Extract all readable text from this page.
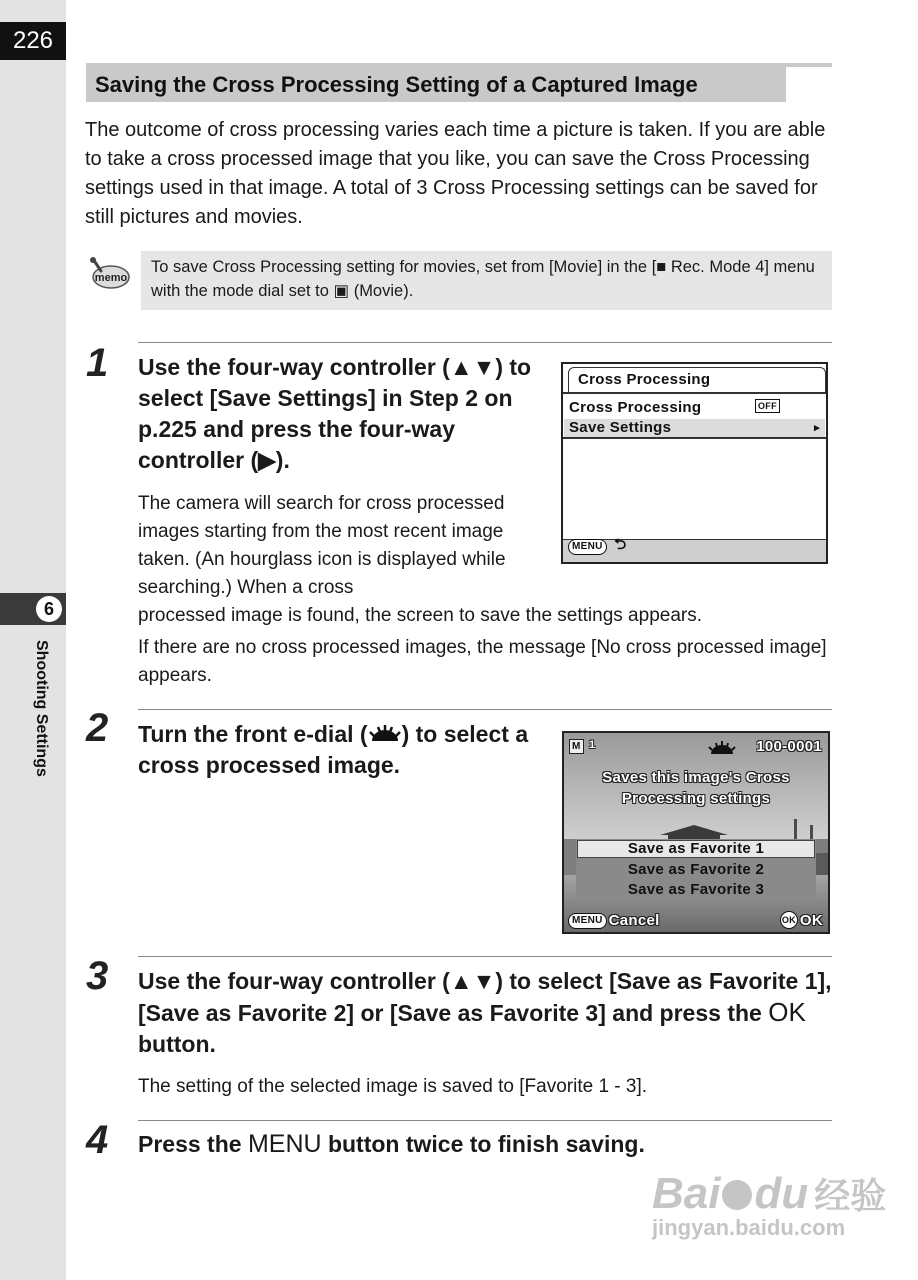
226
6
Shooting Settings
Saving the Cross Processing Setting of a Captured Image

The outcome of cross processing varies each time a picture is taken. If you are able to take a cross processed image that you like, you can save the Cross Processing settings used in that image. A total of 3 Cross Processing settings can be saved for still pictures and movies.

memo

To save Cross Processing setting for movies, set from [Movie] in the [■ Rec. Mode 4] menu with the mode dial set to ▣ (Movie).

1 Use the four-way controller (▲▼) to select [Save Settings] in Step 2 on p.225 and press the four-way controller (▶).

The camera will search for cross processed images starting from the most recent image taken. (An hourglass icon is displayed while searching.) When a cross

processed image is found, the screen to save the settings appears.

If there are no cross processed images, the message [No cross processed image] appears.

Cross Processing
Cross Processing	OFF
Save Settings	▸
MENU ⮌
2 Turn the front e-dial ( ) to select a cross processed image.

M 1	100-0001
Saves this image's Cross
Processing settings
Save as Favorite 1
Save as Favorite 2
Save as Favorite 3
MENU Cancel	OK OK
3 Use the four-way controller (▲▼) to select [Save as Favorite 1], [Save as Favorite 2] or [Save as Favorite 3] and press the OK button.

The setting of the selected image is saved to [Favorite 1 - 3].

4 Press the MENU button twice to finish saving.

Bai du 经验
jingyan.baidu.com
